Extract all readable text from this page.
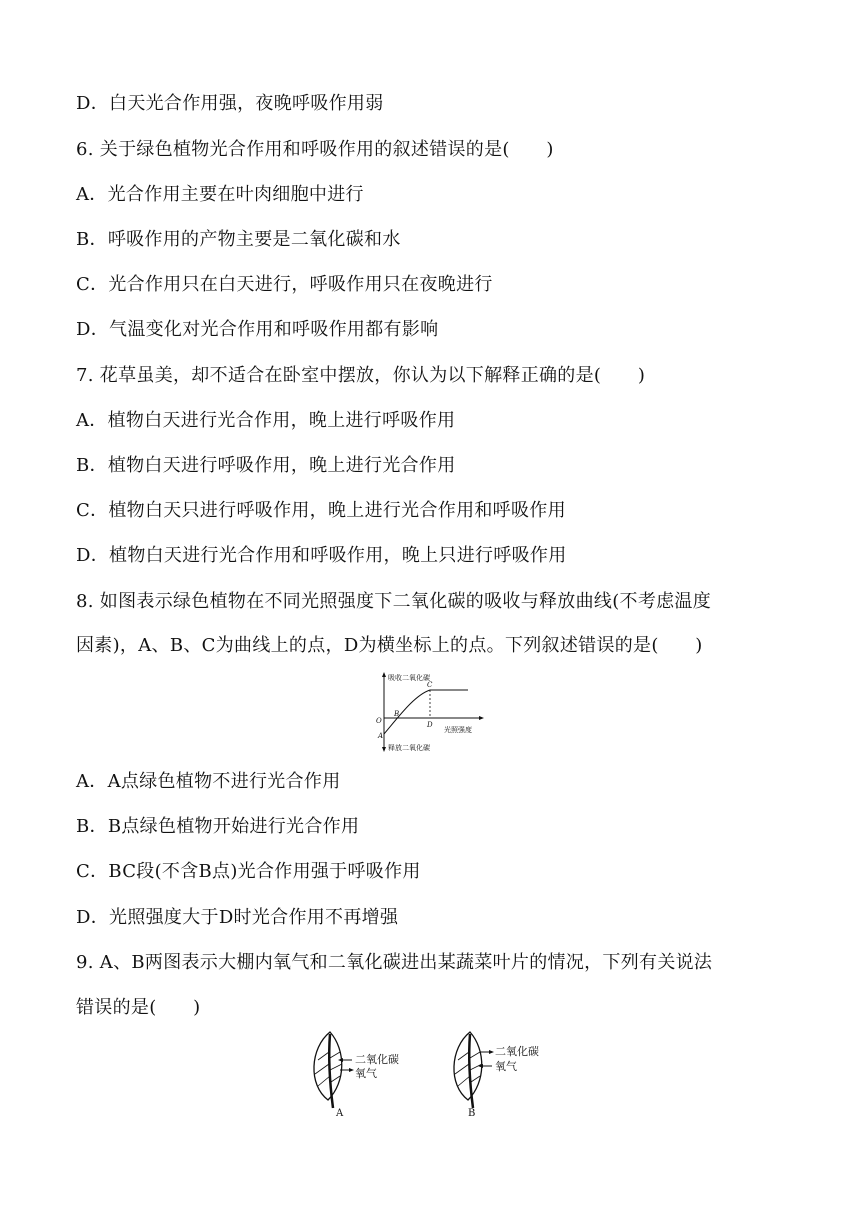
D．白天光合作用强，夜晚呼吸作用弱
6. 关于绿色植物光合作用和呼吸作用的叙述错误的是(　　)
A．光合作用主要在叶肉细胞中进行
B．呼吸作用的产物主要是二氧化碳和水
C．光合作用只在白天进行，呼吸作用只在夜晚进行
D．气温变化对光合作用和呼吸作用都有影响
7. 花草虽美，却不适合在卧室中摆放，你认为以下解释正确的是(　　)
A．植物白天进行光合作用，晚上进行呼吸作用
B．植物白天进行呼吸作用，晚上进行光合作用
C．植物白天只进行呼吸作用，晚上进行光合作用和呼吸作用
D．植物白天进行光合作用和呼吸作用，晚上只进行呼吸作用
8. 如图表示绿色植物在不同光照强度下二氧化碳的吸收与释放曲线(不考虑温度
因素)，A、B、C为曲线上的点，D为横坐标上的点。下列叙述错误的是(　　)
吸收二氧化碳
释放二氧化碳
光照强度
O
A
B
C
D
A．A点绿色植物不进行光合作用
B．B点绿色植物开始进行光合作用
C．BC段(不含B点)光合作用强于呼吸作用
D．光照强度大于D时光合作用不再增强
9. A、B两图表示大棚内氧气和二氧化碳进出某蔬菜叶片的情况，下列有关说法
错误的是(　　)
二氧化碳
氧气
A
二氧化碳
氧气
B
